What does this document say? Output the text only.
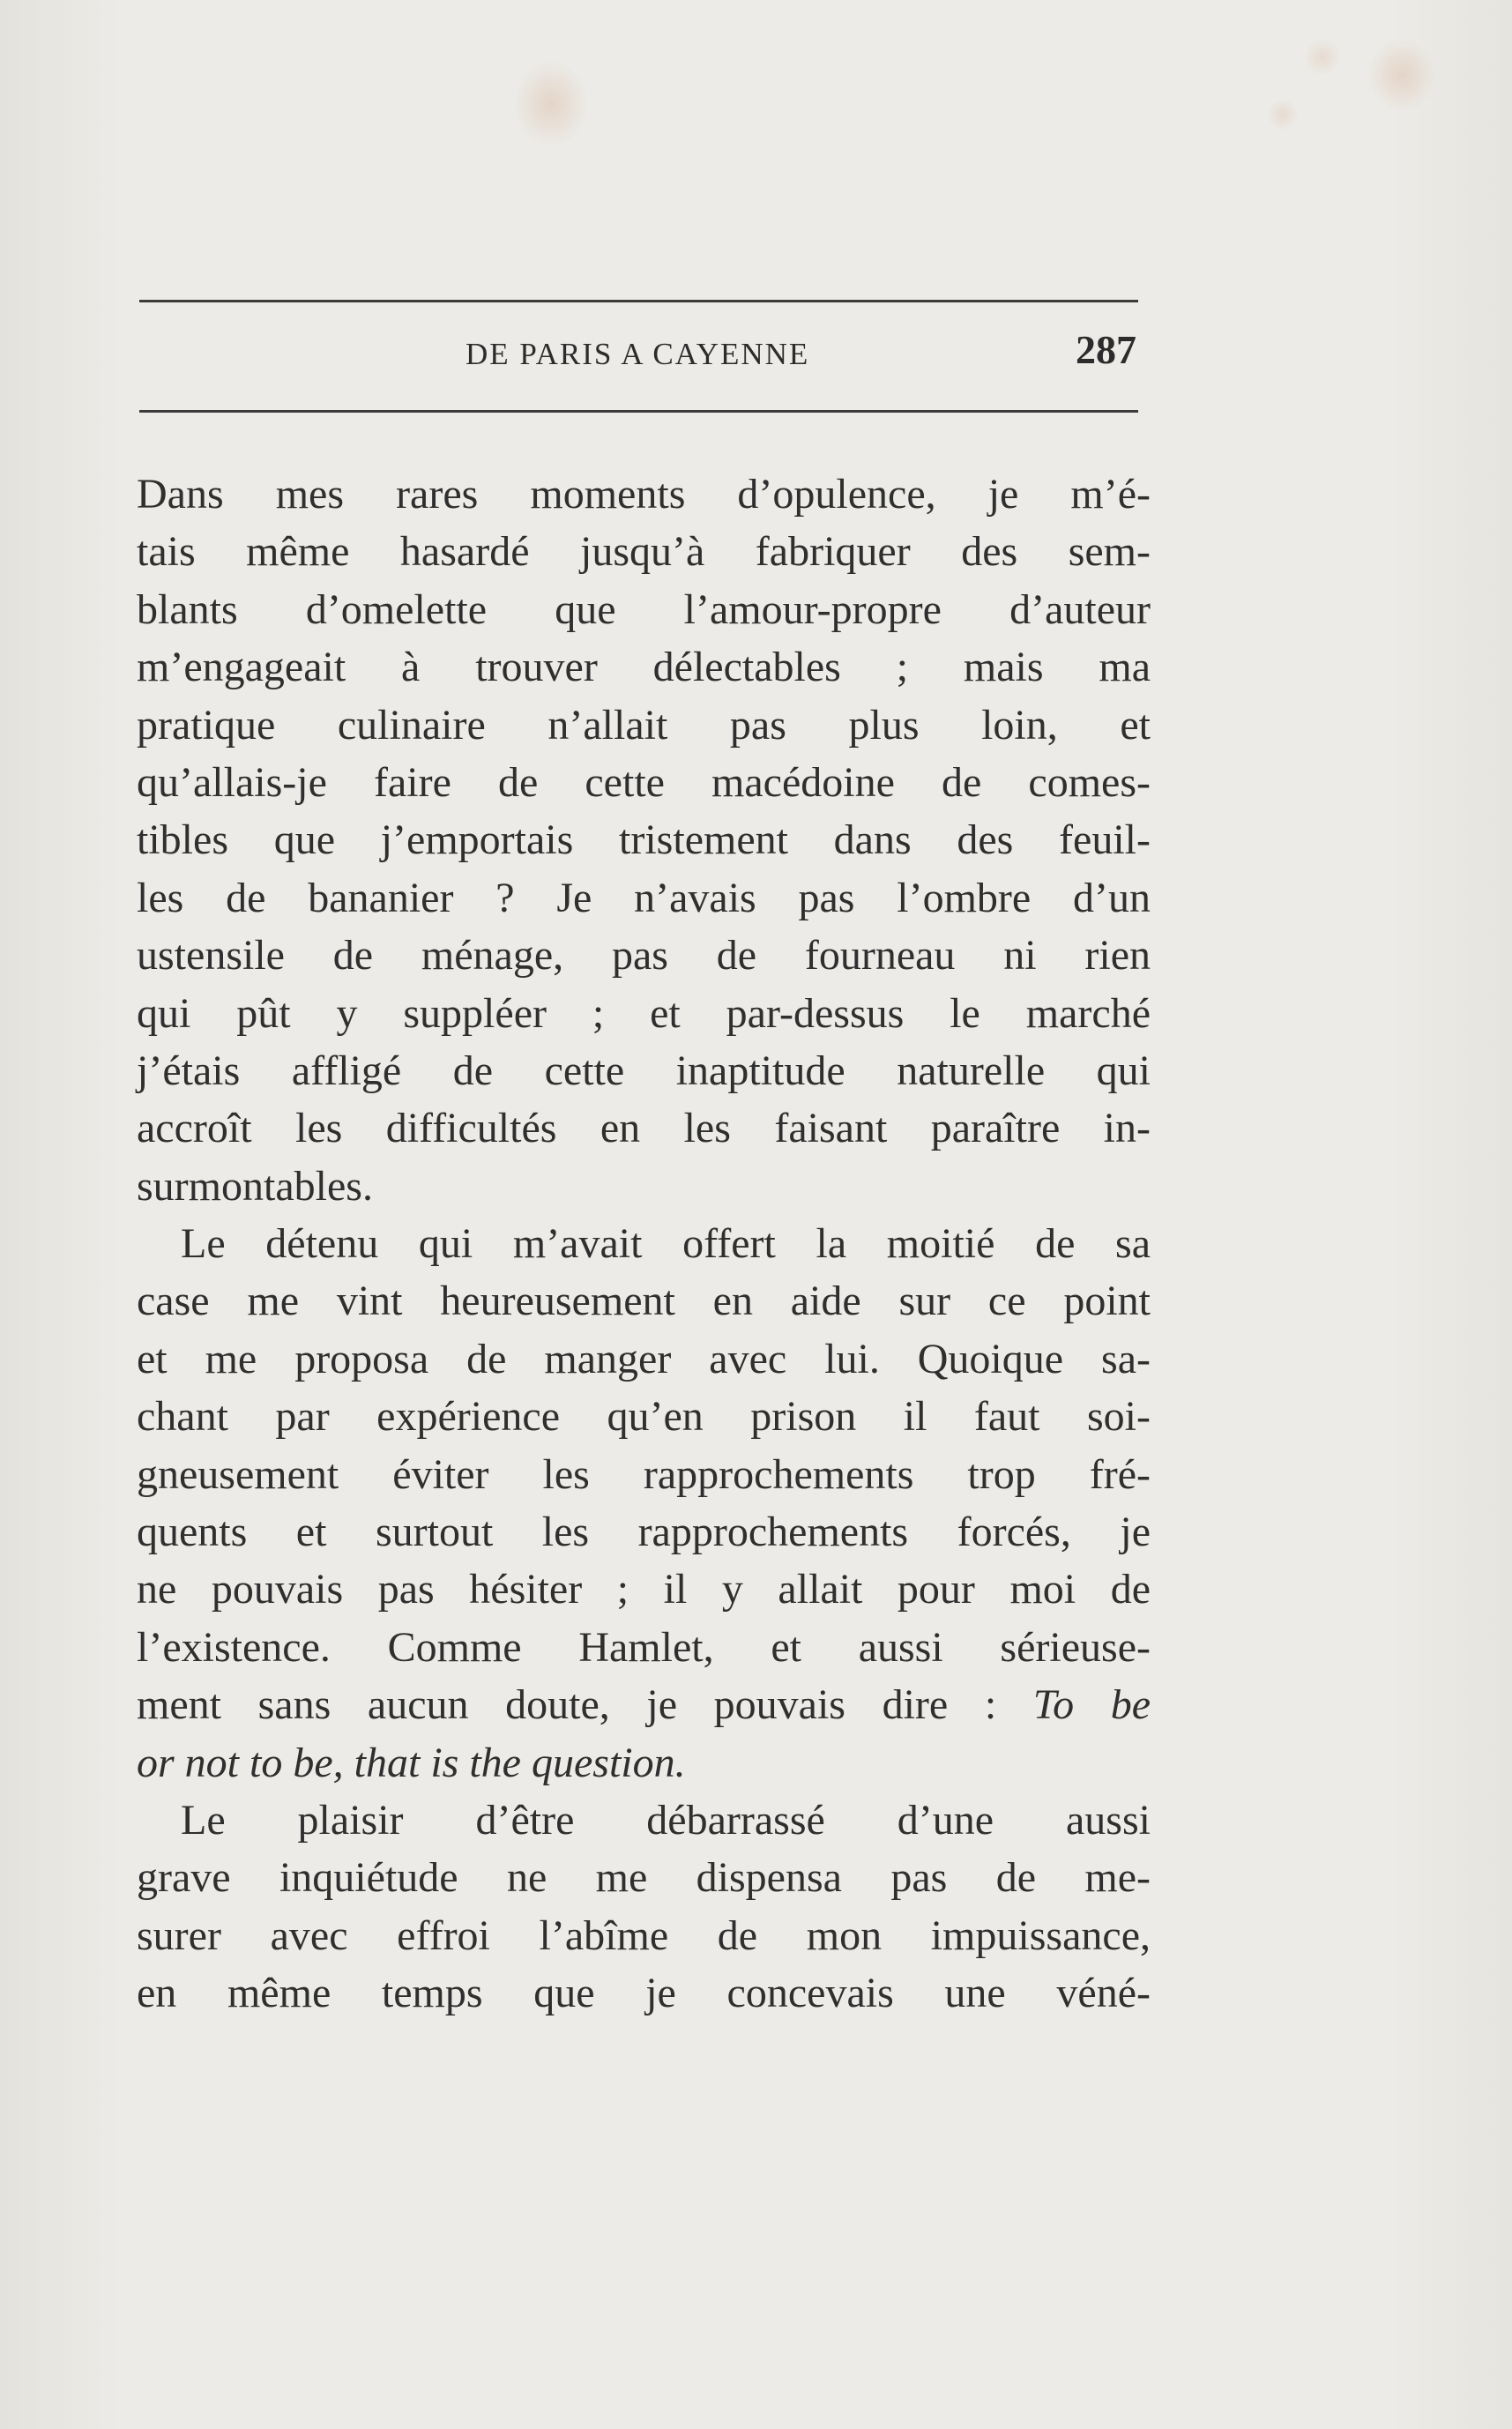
DE PARIS A CAYENNE	287
Dans mes rares moments d’opulence, je m’é-
tais même hasardé jusqu’à fabriquer des sem-
blants d’omelette que l’amour-propre d’auteur
m’engageait à trouver délectables ; mais ma
pratique culinaire n’allait pas plus loin, et
qu’allais-je faire de cette macédoine de comes-
tibles que j’emportais tristement dans des feuil-
les de bananier ? Je n’avais pas l’ombre d’un
ustensile de ménage, pas de fourneau ni rien
qui pût y suppléer ; et par-dessus le marché
j’étais affligé de cette inaptitude naturelle qui
accroît les difficultés en les faisant paraître in-
surmontables.
Le détenu qui m’avait offert la moitié de sa
case me vint heureusement en aide sur ce point
et me proposa de manger avec lui. Quoique sa-
chant par expérience qu’en prison il faut soi-
gneusement éviter les rapprochements trop fré-
quents et surtout les rapprochements forcés, je
ne pouvais pas hésiter ; il y allait pour moi de
l’existence. Comme Hamlet, et aussi sérieuse-
ment sans aucun doute, je pouvais dire : To be
or not to be, that is the question.
Le plaisir d’être débarrassé d’une aussi
grave inquiétude ne me dispensa pas de me-
surer avec effroi l’abîme de mon impuissance,
en même temps que je concevais une véné-
